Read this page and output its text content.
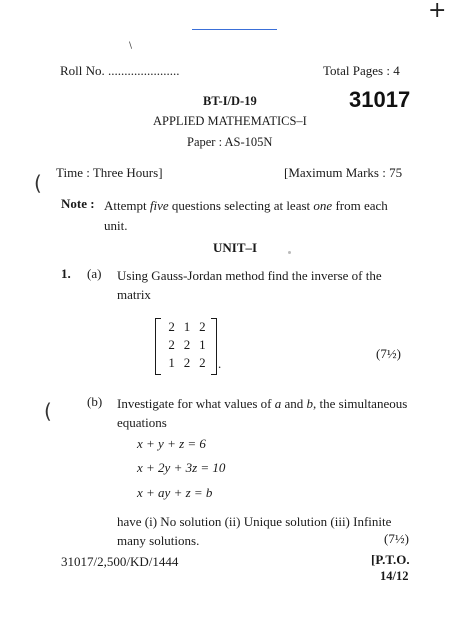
+
\
Roll No. ......................	Total Pages : 4
BT-I/D-19	31017
APPLIED MATHEMATICS–I
Paper : AS-105N
Time : Three Hours]	[Maximum Marks : 75
(
Note : Attempt five questions selecting at least one from each unit.
UNIT–I
1. (a) Using Gauss-Jordan method find the inverse of the matrix
2 1 2
2 2 1
1 2 2 .
(7½)
(	(b) Investigate for what values of a and b, the simultaneous equations
x + y + z = 6
x + 2y + 3z = 10
x + ay + z = b
have (i) No solution (ii) Unique solution (iii) Infinite many solutions.	(7½)
31017/2,500/KD/1444	[P.T.O.
14/12
